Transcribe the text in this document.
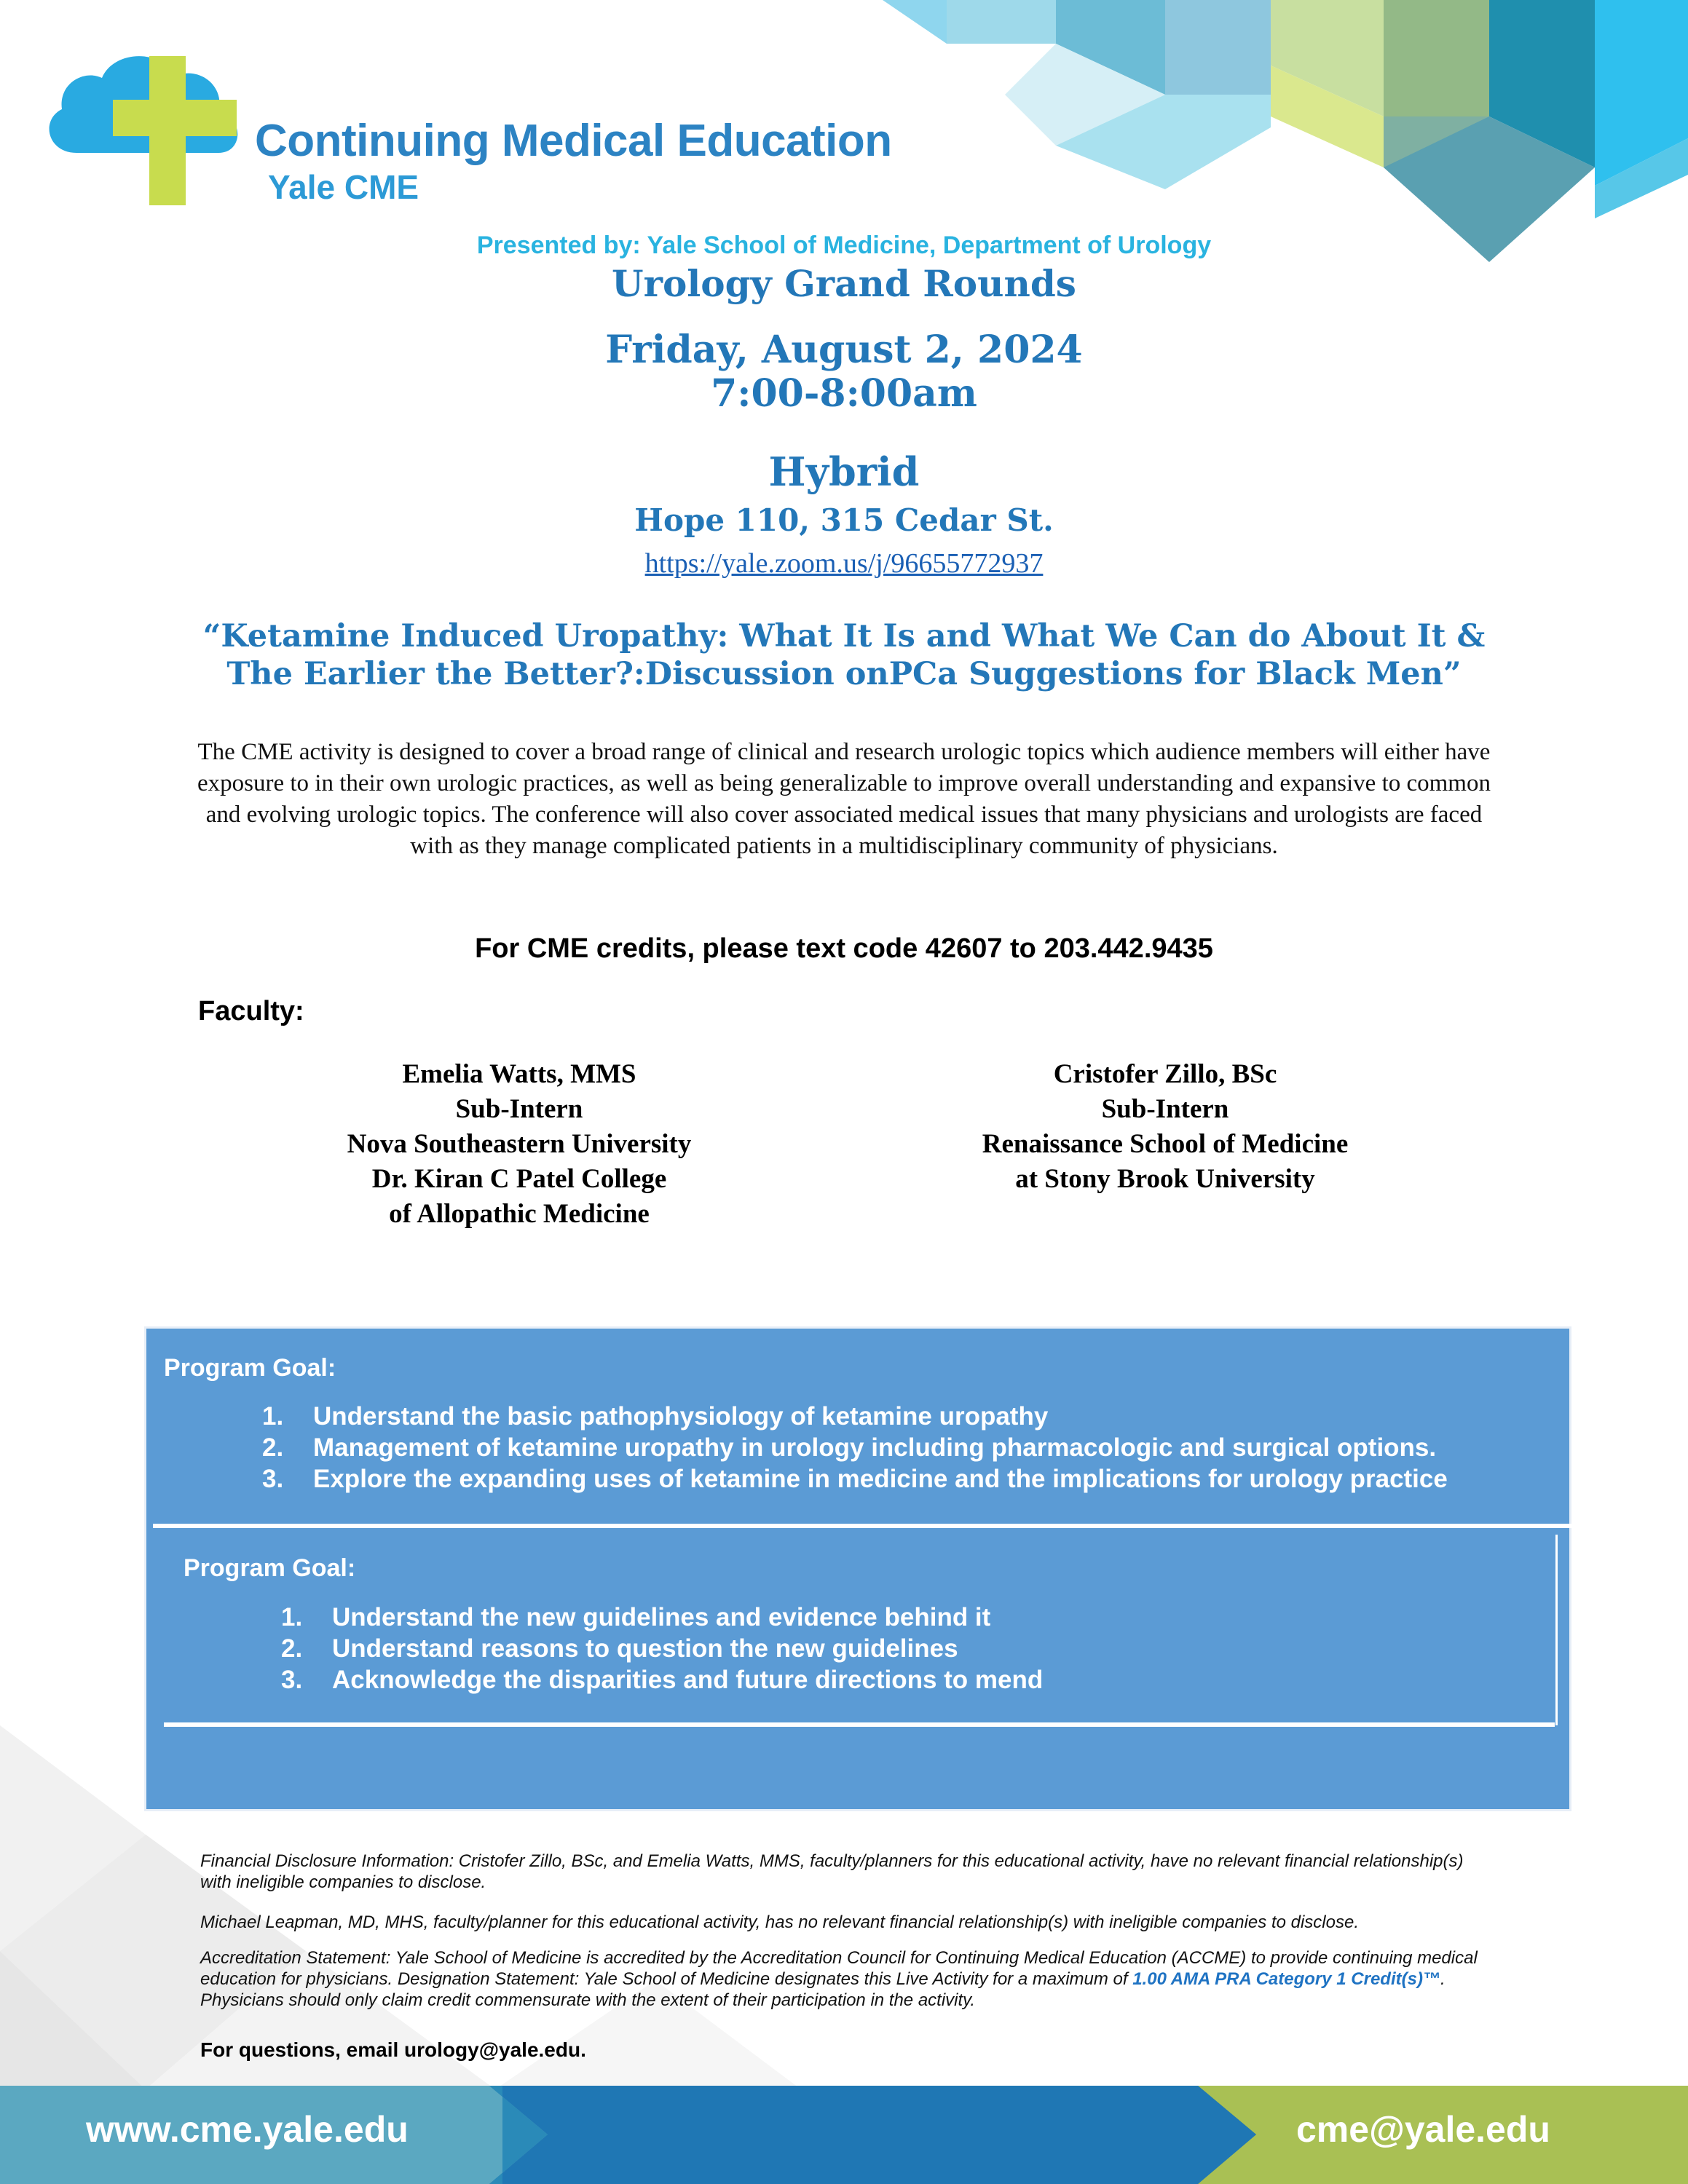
Continuing Medical Education
Yale CME
Presented by: Yale School of Medicine, Department of Urology
Urology Grand Rounds
Friday, August 2, 2024
7:00-8:00am
Hybrid
Hope 110, 315 Cedar St.
https://yale.zoom.us/j/96655772937
“Ketamine Induced Uropathy: What It Is and What We Can do About It &
The Earlier the Better?:Discussion onPCa Suggestions for Black Men”
The CME activity is designed to cover a broad range of clinical and research urologic topics which audience members will either have exposure to in their own urologic practices, as well as being generalizable to improve overall understanding and expansive to common and evolving urologic topics. The conference will also cover associated medical issues that many physicians and urologists are faced with as they manage complicated patients in a multidisciplinary community of physicians.
For CME credits, please text code 42607 to 203.442.9435
Faculty:
Emelia Watts, MMS
Sub-Intern
Nova Southeastern University
Dr. Kiran C Patel College
of Allopathic Medicine
Cristofer Zillo, BSc
Sub-Intern
Renaissance School of Medicine
at Stony Brook University
Program Goal:
1. Understand the basic pathophysiology of ketamine uropathy
2. Management of ketamine uropathy in urology including pharmacologic and surgical options.
3. Explore the expanding uses of ketamine in medicine and the implications for urology practice
Program Goal:
1. Understand the new guidelines and evidence behind it
2. Understand reasons to question the new guidelines
3. Acknowledge the disparities and future directions to mend
Financial Disclosure Information: Cristofer Zillo, BSc, and Emelia Watts, MMS, faculty/planners for this educational activity, have no relevant financial relationship(s) with ineligible companies to disclose.
Michael Leapman, MD, MHS, faculty/planner for this educational activity, has no relevant financial relationship(s) with ineligible companies to disclose.
Accreditation Statement: Yale School of Medicine is accredited by the Accreditation Council for Continuing Medical Education (ACCME) to provide continuing medical education for physicians. Designation Statement: Yale School of Medicine designates this Live Activity for a maximum of 1.00 AMA PRA Category 1 Credit(s)™. Physicians should only claim credit commensurate with the extent of their participation in the activity.
For questions, email urology@yale.edu.
www.cme.yale.edu	cme@yale.edu
